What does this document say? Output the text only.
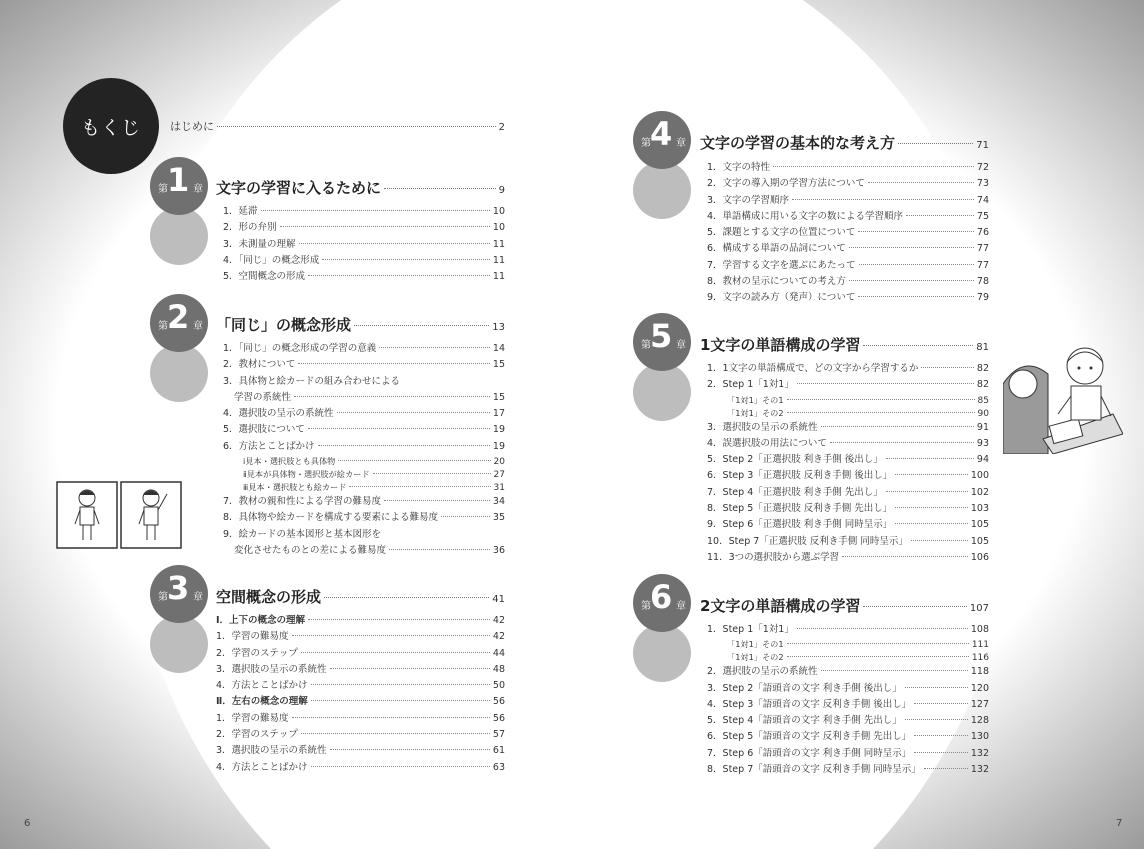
もくじ	はじめに	2
第 1 章 文字の学習に入るために	9
1．延滞	10
2．形の弁別	10
3．未測量の理解	11
4．「同じ」の概念形成	11
5．空間概念の形成	11
第 2 章 「同じ」の概念形成	13
1．「同じ」の概念形成の学習の意義	14
2．教材について	15
3．具体物と絵カードの組み合わせによる
学習の系統性	15
4．選択肢の呈示の系統性	17
5．選択肢について	19
6．方法とことばかけ	19
ⅰ見本・選択肢とも具体物	20
ⅱ見本が具体物・選択肢が絵カード	27
ⅲ見本・選択肢とも絵カード	31
7．教材の親和性による学習の難易度	34
8．具体物や絵カードを構成する要素による難易度	35
9．絵カードの基本図形と基本図形を
変化させたものとの差による難易度	36
第 3 章 空間概念の形成	41
Ⅰ．上下の概念の理解	42
1．学習の難易度	42
2．学習のステップ	44
3．選択肢の呈示の系統性	48
4．方法とことばかけ	50
Ⅱ．左右の概念の理解	56
1．学習の難易度	56
2．学習のステップ	57
3．選択肢の呈示の系統性	61
4．方法とことばかけ	63
第 4 章 文字の学習の基本的な考え方	71
1．文字の特性	72
2．文字の導入期の学習方法について	73
3．文字の学習順序	74
4．単語構成に用いる文字の数による学習順序	75
5．課題とする文字の位置について	76
6．構成する単語の品詞について	77
7．学習する文字を選ぶにあたって	77
8．教材の呈示についての考え方	78
9．文字の読み方（発声）について	79
第 5 章 1文字の単語構成の学習	81
1．1文字の単語構成で、どの文字から学習するか	82
2．Step 1「1対1」	82
「1対1」その1	85
「1対1」その2	90
3．選択肢の呈示の系統性	91
4．誤選択肢の用法について	93
5．Step 2「正選択肢 利き手側 後出し」	94
6．Step 3「正選択肢 反利き手側 後出し」	100
7．Step 4「正選択肢 利き手側 先出し」	102
8．Step 5「正選択肢 反利き手側 先出し」	103
9．Step 6「正選択肢 利き手側 同時呈示」	105
10．Step 7「正選択肢 反利き手側 同時呈示」	105
11．3つの選択肢から選ぶ学習	106
第 6 章 2文字の単語構成の学習	107
1．Step 1「1対1」	108
「1対1」その1	111
「1対1」その2	116
2．選択肢の呈示の系統性	118
3．Step 2「語頭音の文字 利き手側 後出し」	120
4．Step 3「語頭音の文字 反利き手側 後出し」	127
5．Step 4「語頭音の文字 利き手側 先出し」	128
6．Step 5「語頭音の文字 反利き手側 先出し」	130
7．Step 6「語頭音の文字 利き手側 同時呈示」	132
8．Step 7「語頭音の文字 反利き手側 同時呈示」	132
6	7
